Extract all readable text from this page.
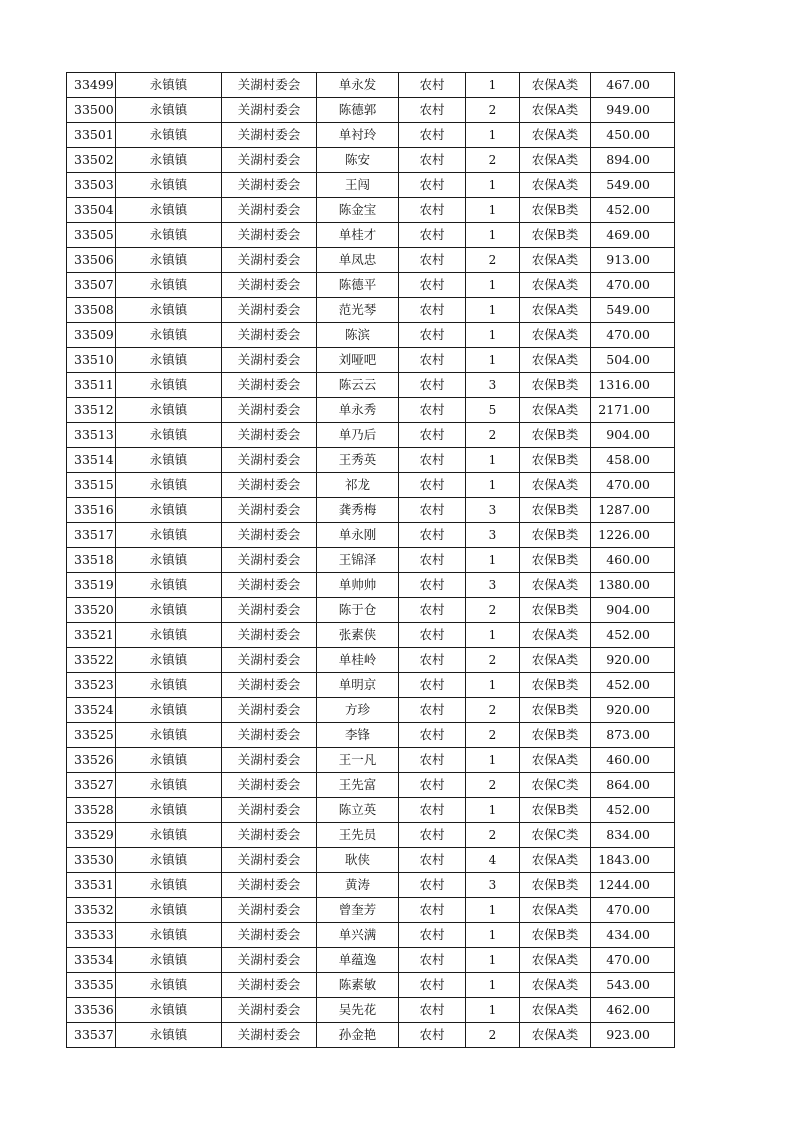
33499	永镇镇	关湖村委会	单永发	农村	1	农保A类	467.00
33500	永镇镇	关湖村委会	陈德郭	农村	2	农保A类	949.00
33501	永镇镇	关湖村委会	单衬玲	农村	1	农保A类	450.00
33502	永镇镇	关湖村委会	陈安	农村	2	农保A类	894.00
33503	永镇镇	关湖村委会	王闯	农村	1	农保A类	549.00
33504	永镇镇	关湖村委会	陈金宝	农村	1	农保B类	452.00
33505	永镇镇	关湖村委会	单桂才	农村	1	农保B类	469.00
33506	永镇镇	关湖村委会	单凤忠	农村	2	农保A类	913.00
33507	永镇镇	关湖村委会	陈德平	农村	1	农保A类	470.00
33508	永镇镇	关湖村委会	范光琴	农村	1	农保A类	549.00
33509	永镇镇	关湖村委会	陈滨	农村	1	农保A类	470.00
33510	永镇镇	关湖村委会	刘哑吧	农村	1	农保A类	504.00
33511	永镇镇	关湖村委会	陈云云	农村	3	农保B类	1316.00
33512	永镇镇	关湖村委会	单永秀	农村	5	农保A类	2171.00
33513	永镇镇	关湖村委会	单乃后	农村	2	农保B类	904.00
33514	永镇镇	关湖村委会	王秀英	农村	1	农保B类	458.00
33515	永镇镇	关湖村委会	祁龙	农村	1	农保A类	470.00
33516	永镇镇	关湖村委会	龚秀梅	农村	3	农保B类	1287.00
33517	永镇镇	关湖村委会	单永刚	农村	3	农保B类	1226.00
33518	永镇镇	关湖村委会	王锦泽	农村	1	农保B类	460.00
33519	永镇镇	关湖村委会	单帅帅	农村	3	农保A类	1380.00
33520	永镇镇	关湖村委会	陈于仓	农村	2	农保B类	904.00
33521	永镇镇	关湖村委会	张素侠	农村	1	农保A类	452.00
33522	永镇镇	关湖村委会	单桂岭	农村	2	农保A类	920.00
33523	永镇镇	关湖村委会	单明京	农村	1	农保B类	452.00
33524	永镇镇	关湖村委会	方珍	农村	2	农保B类	920.00
33525	永镇镇	关湖村委会	李锋	农村	2	农保B类	873.00
33526	永镇镇	关湖村委会	王一凡	农村	1	农保A类	460.00
33527	永镇镇	关湖村委会	王先富	农村	2	农保C类	864.00
33528	永镇镇	关湖村委会	陈立英	农村	1	农保B类	452.00
33529	永镇镇	关湖村委会	王先员	农村	2	农保C类	834.00
33530	永镇镇	关湖村委会	耿侠	农村	4	农保A类	1843.00
33531	永镇镇	关湖村委会	黄涛	农村	3	农保B类	1244.00
33532	永镇镇	关湖村委会	曾奎芳	农村	1	农保A类	470.00
33533	永镇镇	关湖村委会	单兴满	农村	1	农保B类	434.00
33534	永镇镇	关湖村委会	单蕴逸	农村	1	农保A类	470.00
33535	永镇镇	关湖村委会	陈素敏	农村	1	农保A类	543.00
33536	永镇镇	关湖村委会	吴先花	农村	1	农保A类	462.00
33537	永镇镇	关湖村委会	孙金艳	农村	2	农保A类	923.00
